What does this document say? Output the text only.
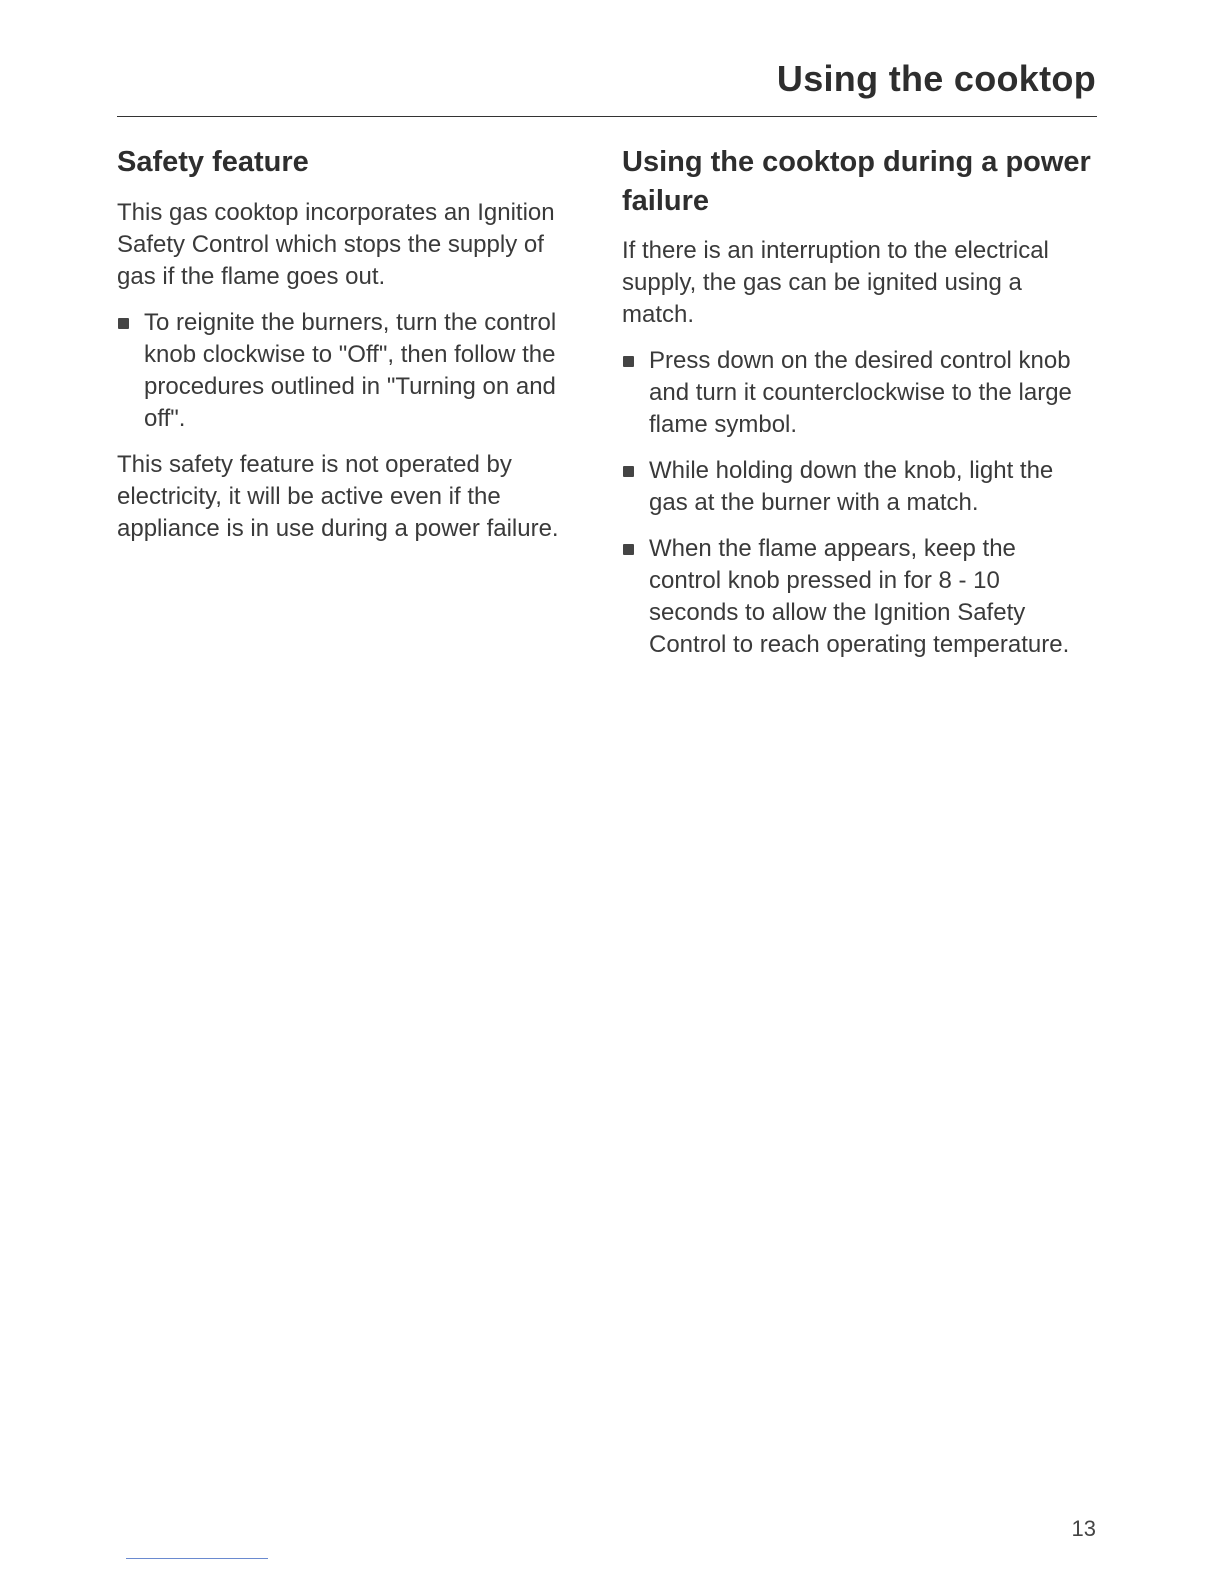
Using the cooktop
Safety feature

This gas cooktop incorporates an Ignition Safety Control which stops the supply of gas if the flame goes out.

To reignite the burners, turn the control knob clockwise to "Off", then follow the procedures outlined in "Turning on and off".

This safety feature is not operated by electricity, it will be active even if the appliance is in use during a power failure.

Using the cooktop during a power failure

If there is an interruption to the electrical supply, the gas can be ignited using a match.

Press down on the desired control knob and turn it counterclockwise to the large flame symbol.
While holding down the knob, light the gas at the burner with a match.
When the flame appears, keep the control knob pressed in for 8 - 10 seconds to allow the Ignition Safety Control to reach operating temperature.
13
